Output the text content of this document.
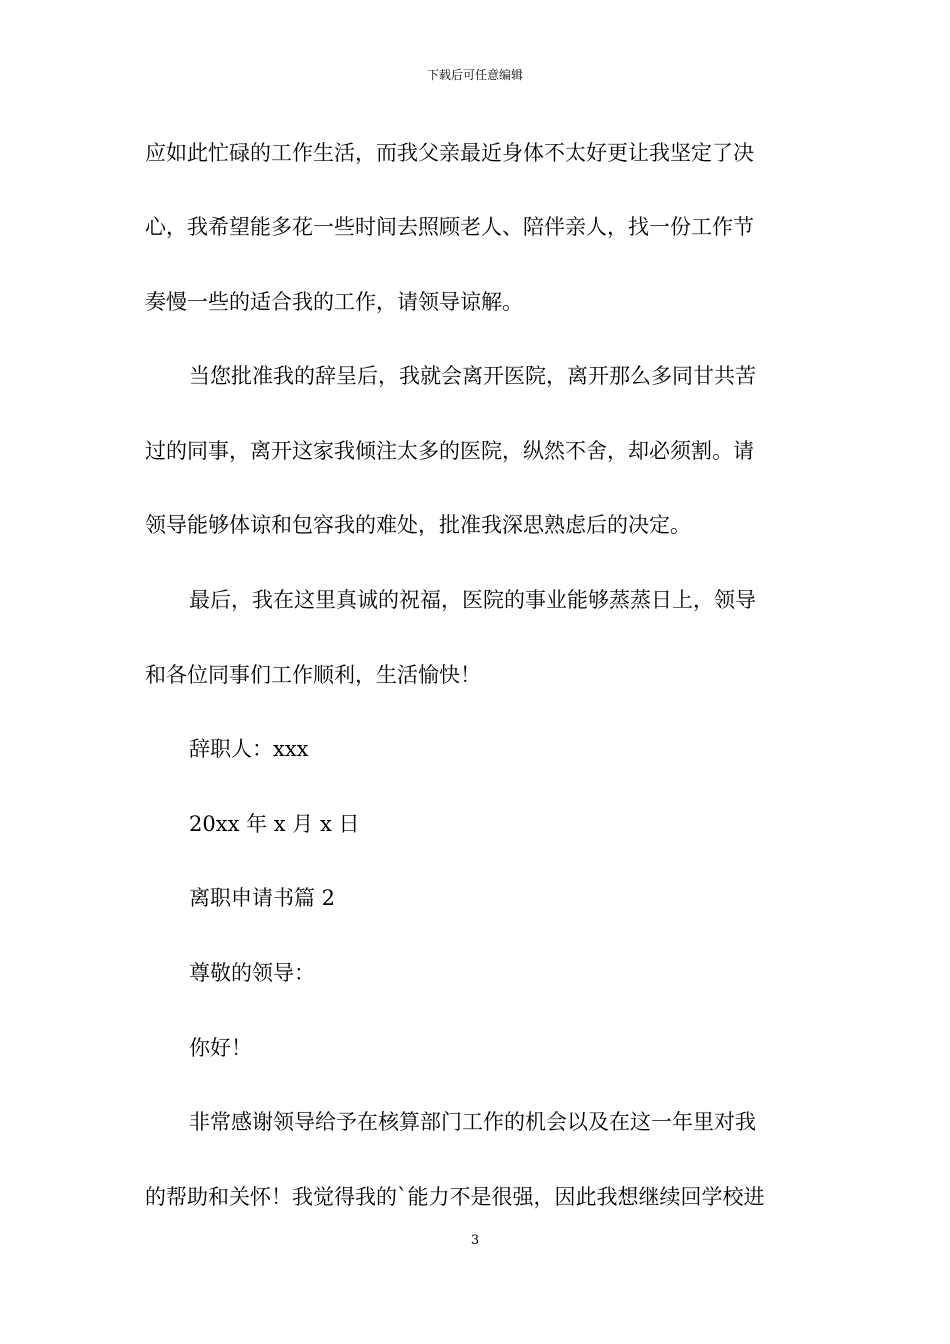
下载后可任意编辑
应如此忙碌的工作生活，而我父亲最近身体不太好更让我坚定了决
心，我希望能多花一些时间去照顾老人、陪伴亲人，找一份工作节
奏慢一些的适合我的工作，请领导谅解。
当您批准我的辞呈后，我就会离开医院，离开那么多同甘共苦
过的同事，离开这家我倾注太多的医院，纵然不舍，却必须割。请
领导能够体谅和包容我的难处，批准我深思熟虑后的决定。
最后，我在这里真诚的祝福，医院的事业能够蒸蒸日上，领导
和各位同事们工作顺利，生活愉快！
辞职人：xxx
20xx 年 x 月 x 日
离职申请书篇 2
尊敬的领导：
你好！
非常感谢领导给予在核算部门工作的机会以及在这一年里对我
的帮助和关怀！我觉得我的`能力不是很强，因此我想继续回学校进
3
